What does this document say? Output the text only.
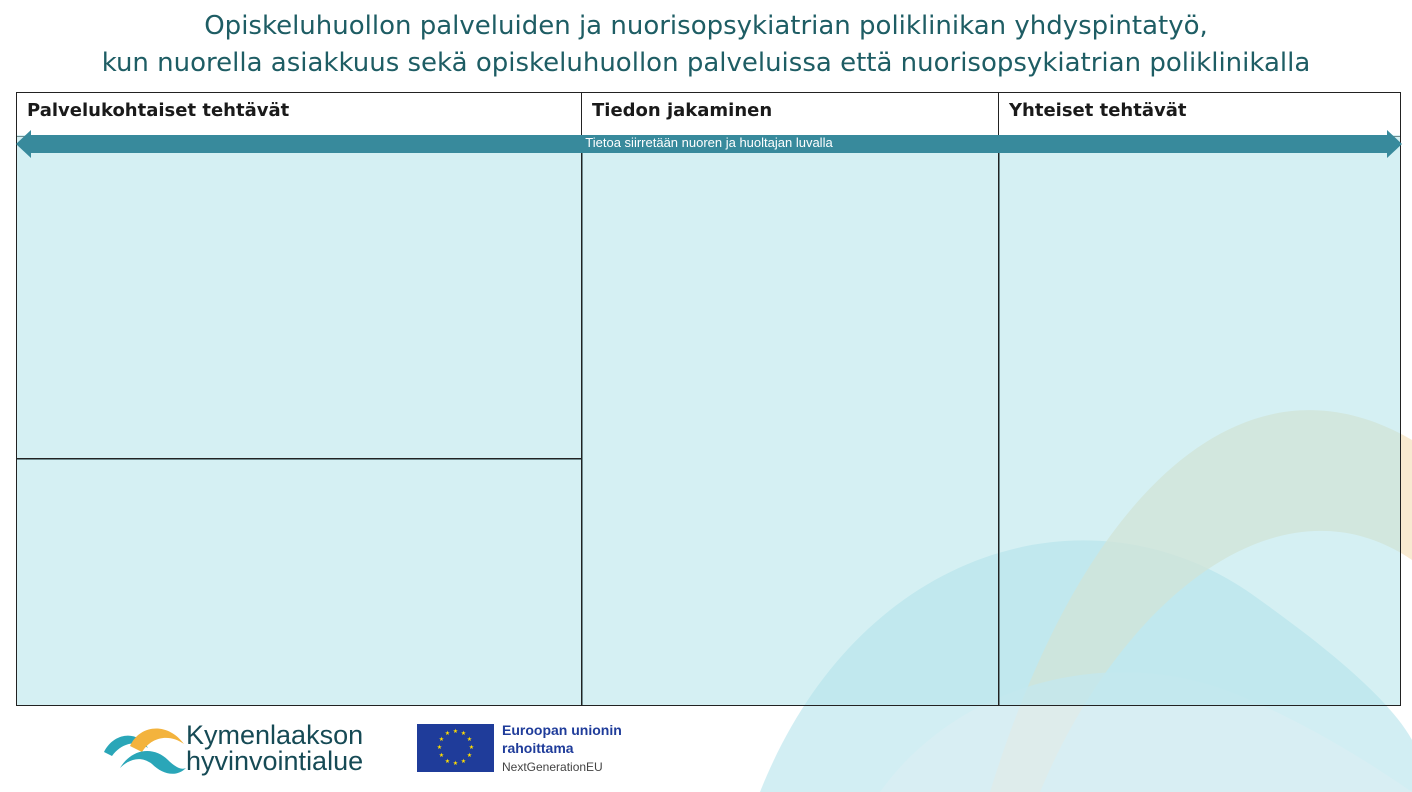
Opiskeluhuollon palveluiden ja nuorisopsykiatrian poliklinikan yhdyspintatyö,
kun nuorella asiakkuus sekä opiskeluhuollon palveluissa että nuorisopsykiatrian poliklinikalla
Palvelukohtaiset tehtävät	Tiedon jakaminen	Yhteiset tehtävät
Tietoa siirretään nuoren ja huoltajan luvalla
Kymenlaakson
hyvinvointialue
★ ★
★
★
★
★
★
★
★
★
★
★	Euroopan unionin
rahoittama
NextGenerationEU
